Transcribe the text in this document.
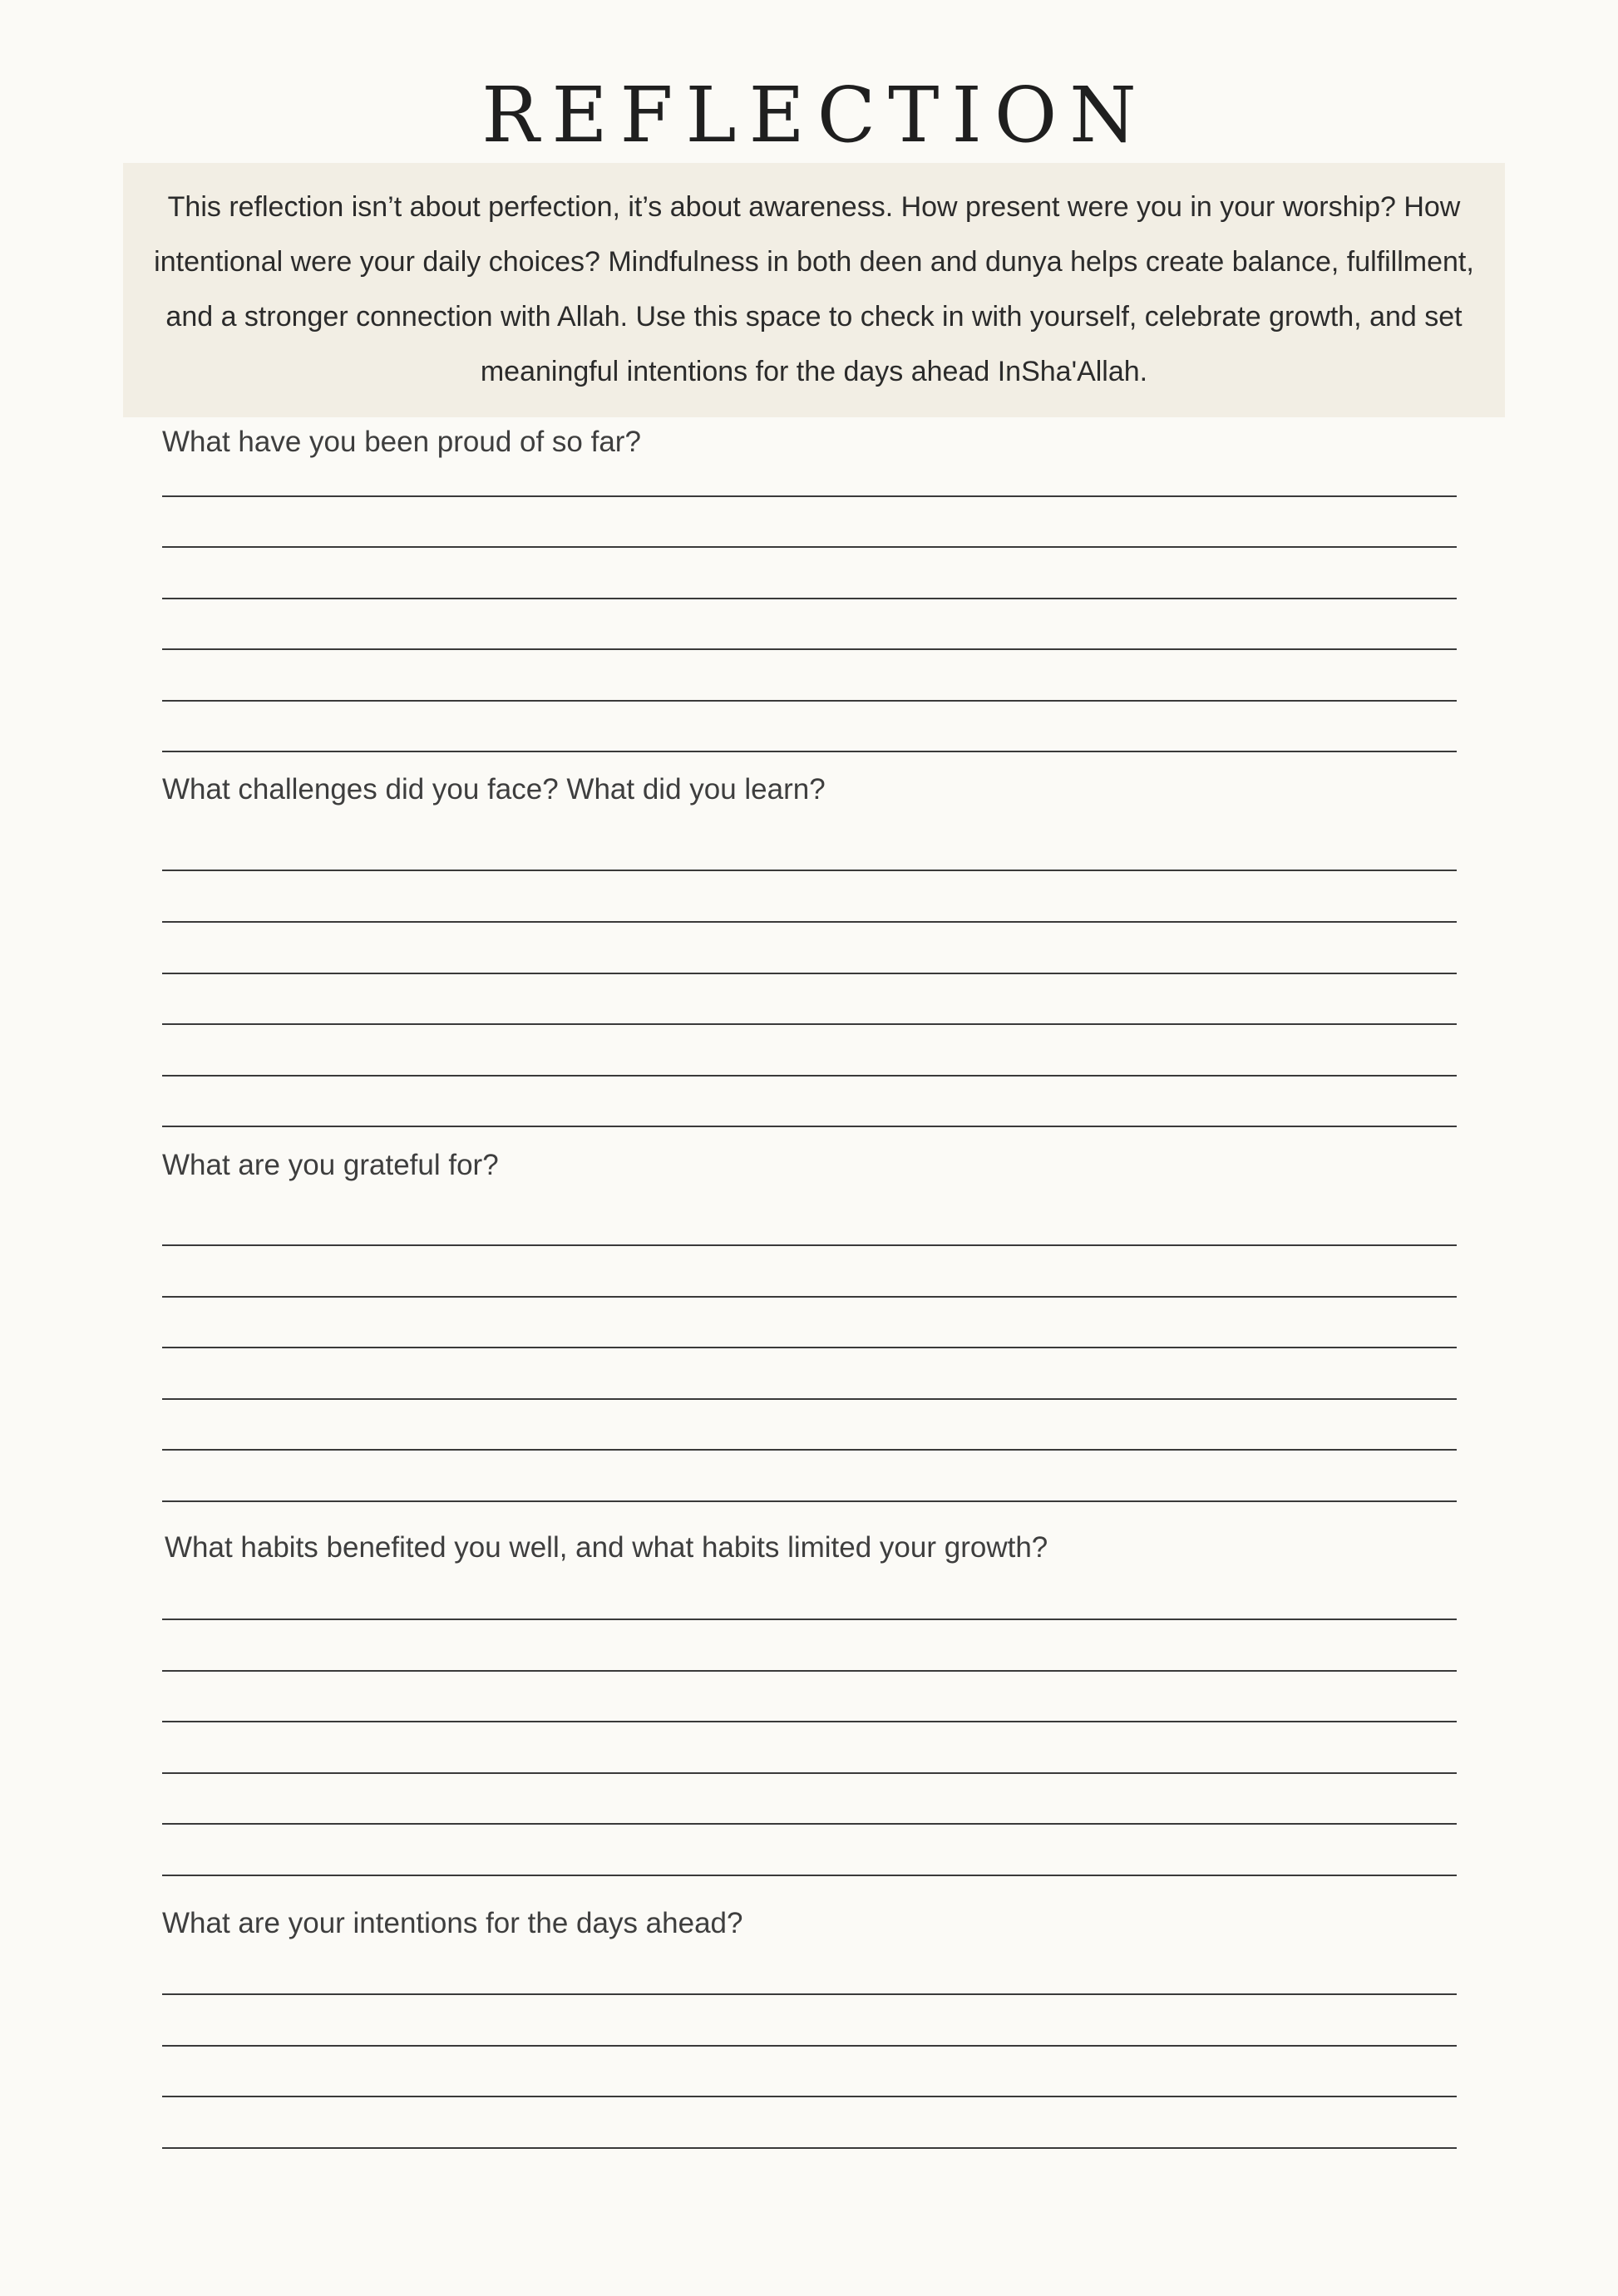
REFLECTION

This reflection isn’t about perfection, it’s about awareness. How present were you in your worship? How intentional were your daily choices? Mindfulness in both deen and dunya helps create balance, fulfillment, and a stronger connection with Allah. Use this space to check in with yourself, celebrate growth, and set meaningful intentions for the days ahead InSha'Allah.

What have you been proud of so far?
What challenges did you face? What did you learn?
What are you grateful for?
What habits benefited you well, and what habits limited your growth?
What are your intentions for the days ahead?
